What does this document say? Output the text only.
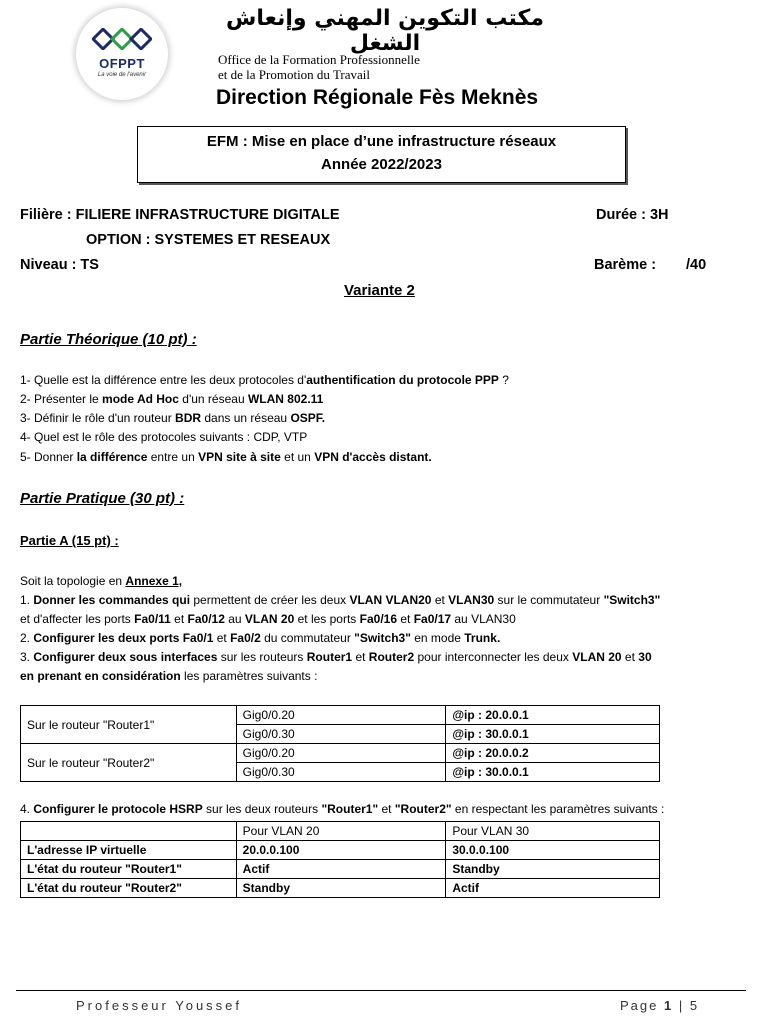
OFPPT
La voie de l'avenir
مكتب التكوين المهني وإنعاش الشغل
Office de la Formation Professionnelle
et de la Promotion du Travail
Direction Régionale Fès Meknès
EFM : Mise en place d’une infrastructure réseaux
Année 2022/2023
Filière : FILIERE INFRASTRUCTURE DIGITALE	Durée : 3H
OPTION : SYSTEMES ET RESEAUX
Niveau : TS	Barème : /40
Variante 2
Partie Théorique (10 pt) :
1- Quelle est la différence entre les deux protocoles d'authentification du protocole PPP ?
2- Présenter le mode Ad Hoc d'un réseau WLAN 802.11
3- Définir le rôle d'un routeur BDR dans un réseau OSPF.
4- Quel est le rôle des protocoles suivants : CDP, VTP
5- Donner la différence entre un VPN site à site et un VPN d'accès distant.
Partie Pratique (30 pt) :
Partie A (15 pt) :
Soit la topologie en Annexe 1,
1. Donner les commandes qui permettent de créer les deux VLAN VLAN20 et VLAN30 sur le commutateur "Switch3"
et d'affecter les ports Fa0/11 et Fa0/12 au VLAN 20 et les ports Fa0/16 et Fa0/17 au VLAN30
2. Configurer les deux ports Fa0/1 et Fa0/2 du commutateur "Switch3" en mode Trunk.
3. Configurer deux sous interfaces sur les routeurs Router1 et Router2 pour interconnecter les deux VLAN 20 et 30
en prenant en considération les paramètres suivants :
Sur le routeur "Router1"	Gig0/0.20	@ip : 20.0.0.1
	Gig0/0.30	@ip : 30.0.0.1
Sur le routeur "Router2"	Gig0/0.20	@ip : 20.0.0.2
	Gig0/0.30	@ip : 30.0.0.1
4. Configurer le protocole HSRP sur les deux routeurs "Router1" et "Router2" en respectant les paramètres suivants :
	Pour VLAN 20	Pour VLAN 30
L'adresse IP virtuelle	20.0.0.100	30.0.0.100
L'état du routeur "Router1"	Actif	Standby
L'état du routeur "Router2"	Standby	Actif
Professeur Youssef	Page 1 | 5
